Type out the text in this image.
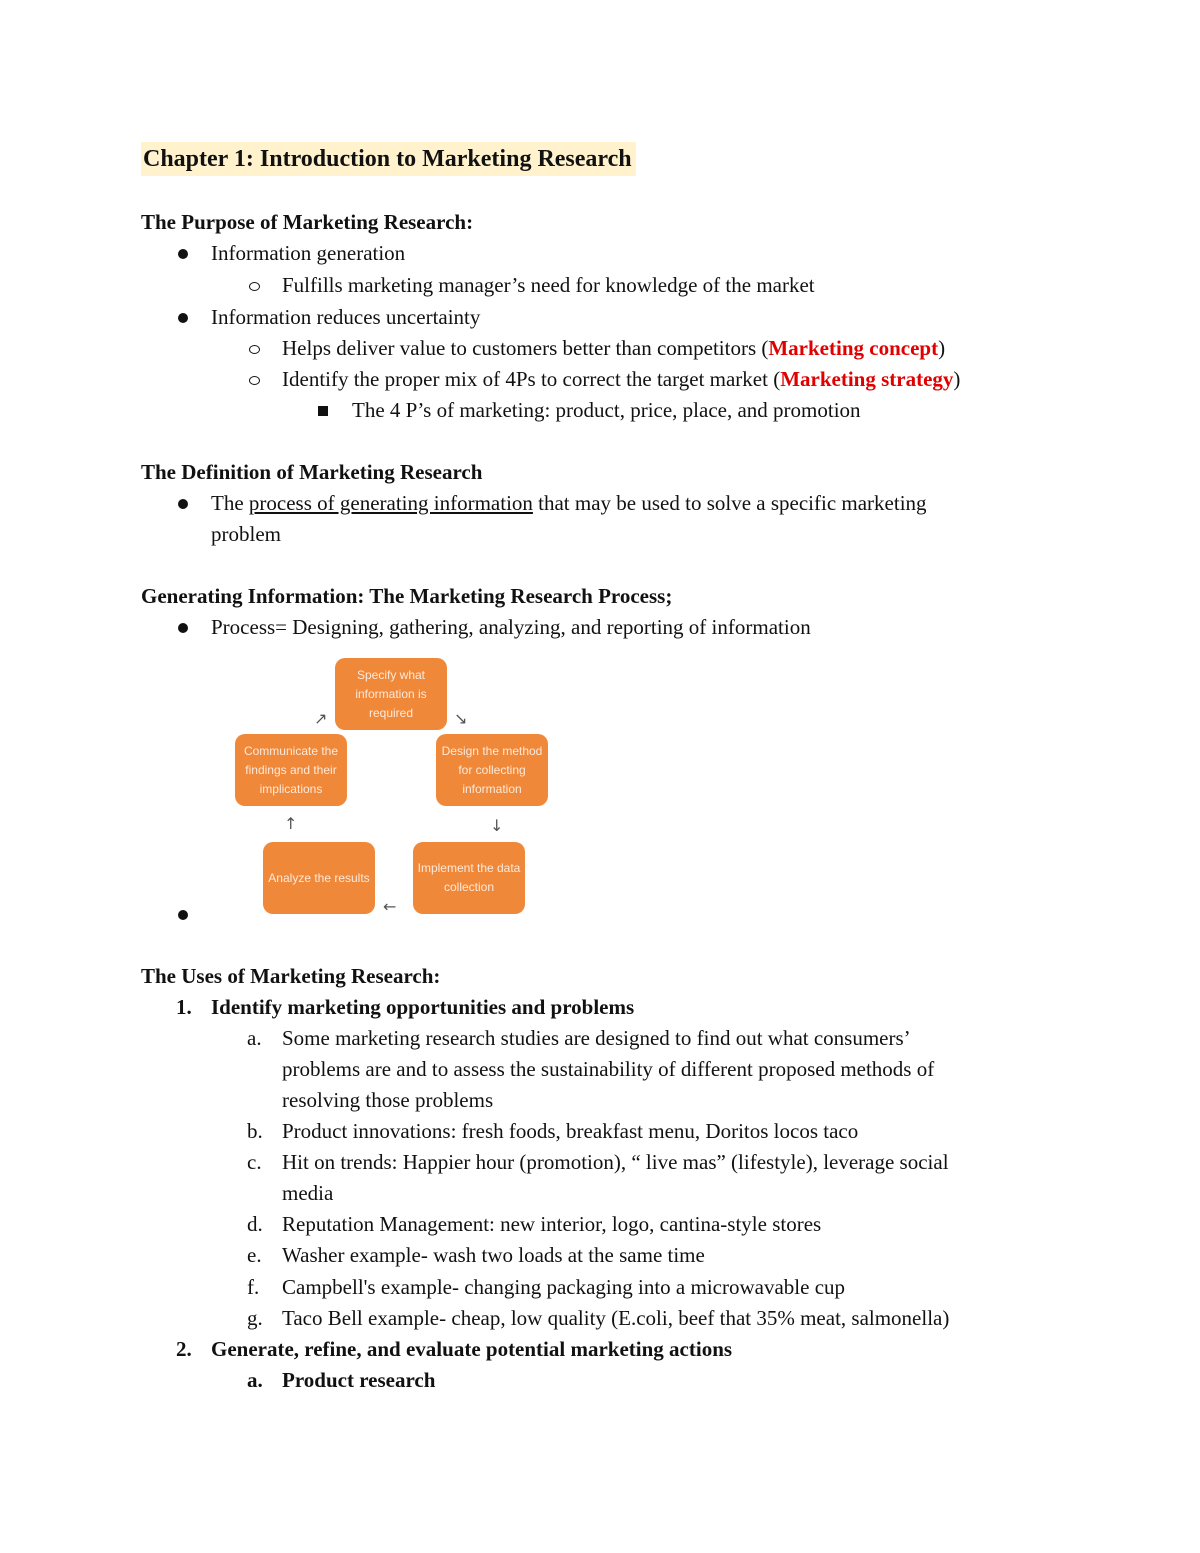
Chapter 1: Introduction to Marketing Research
The Purpose of Marketing Research:
Information generation
Fulfills marketing manager’s need for knowledge of the market
Information reduces uncertainty
Helps deliver value to customers better than competitors (Marketing concept)
Identify the proper mix of 4Ps to correct the target market (Marketing strategy)
The 4 P’s of marketing: product, price, place, and promotion
The Definition of Marketing Research
The process of generating information that may be used to solve a specific marketing
problem
Generating Information: The Marketing Research Process;
Process= Designing, gathering, analyzing, and reporting of information
Specify what information is required
Design the method for collecting information
Implement the data collection
Analyze the results
Communicate the findings and their implications
↘
↓
←
↑
↗
The Uses of Marketing Research:
1. Identify marketing opportunities and problems
a. Some marketing research studies are designed to find out what consumers’
problems are and to assess the sustainability of different proposed methods of
resolving those problems
b. Product innovations: fresh foods, breakfast menu, Doritos locos taco
c. Hit on trends: Happier hour (promotion), “ live mas” (lifestyle), leverage social
media
d. Reputation Management: new interior, logo, cantina-style stores
e. Washer example- wash two loads at the same time
f. Campbell's example- changing packaging into a microwavable cup
g. Taco Bell example- cheap, low quality (E.coli, beef that 35% meat, salmonella)
2. Generate, refine, and evaluate potential marketing actions
a. Product research
